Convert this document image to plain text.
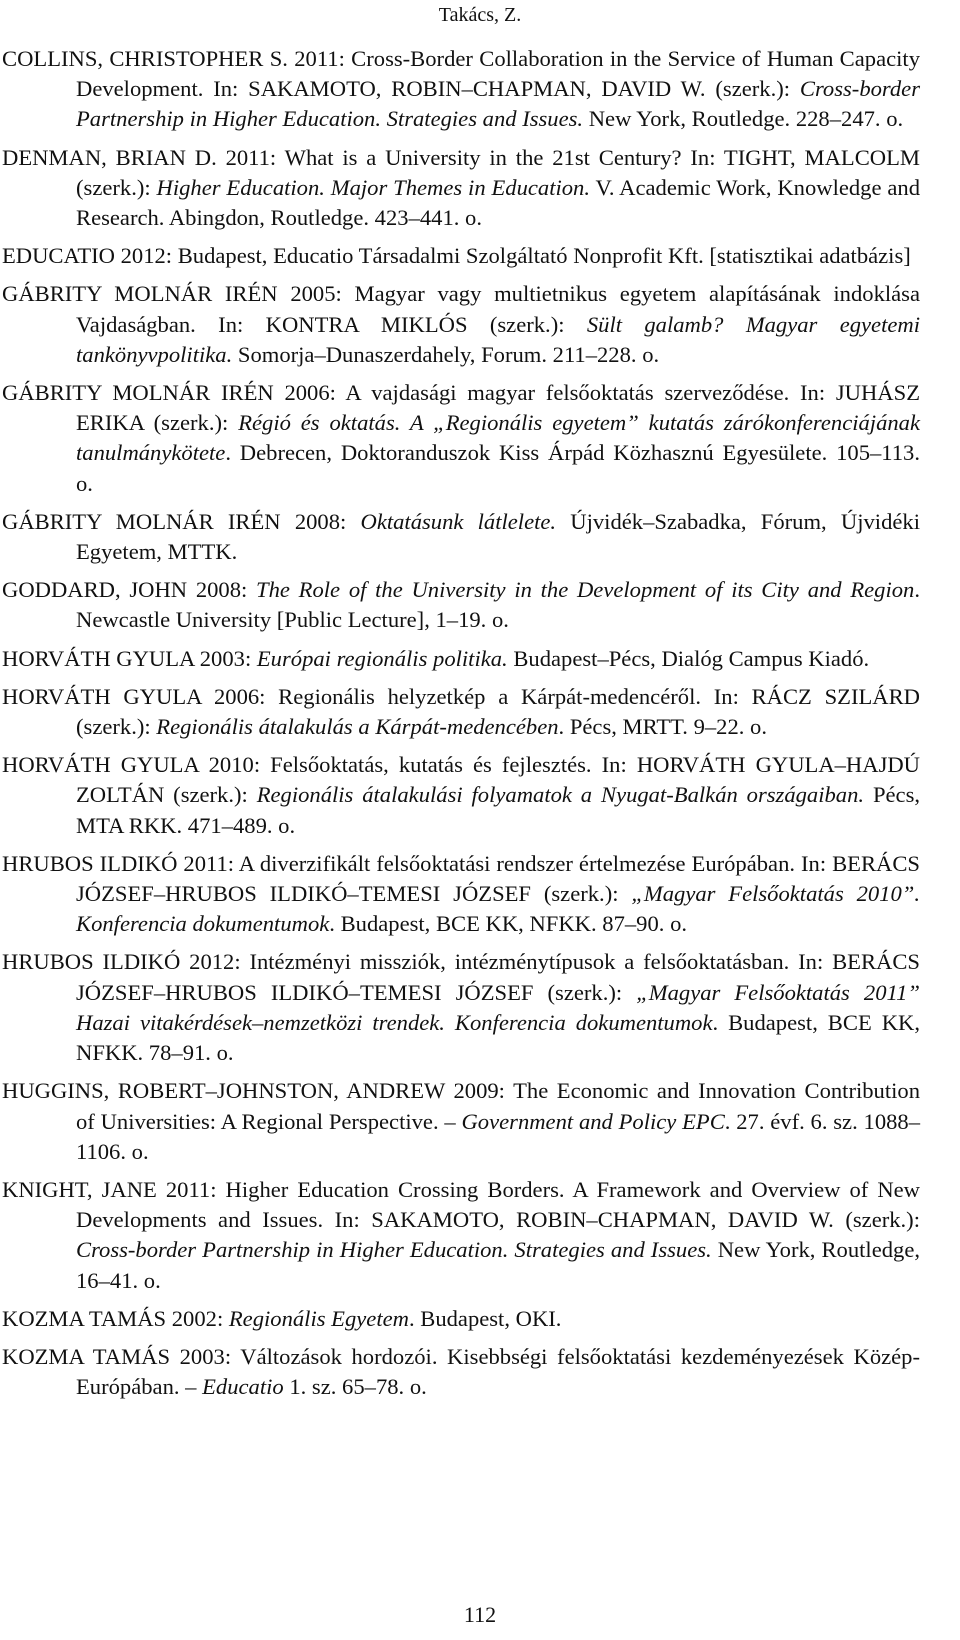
Takács, Z.

COLLINS, CHRISTOPHER S. 2011: Cross-Border Collaboration in the Service of Human Capacity Development. In: SAKAMOTO, ROBIN–CHAPMAN, DAVID W. (szerk.): Cross-border Partnership in Higher Education. Strategies and Issues. New York, Routledge. 228–247. o.

DENMAN, BRIAN D. 2011: What is a University in the 21st Century? In: TIGHT, MALCOLM (szerk.): Higher Education. Major Themes in Education. V. Academic Work, Knowledge and Research. Abingdon, Routledge. 423–441. o.

EDUCATIO 2012: Budapest, Educatio Társadalmi Szolgáltató Nonprofit Kft. [statisztikai adatbázis]

GÁBRITY MOLNÁR IRÉN 2005: Magyar vagy multietnikus egyetem alapításának indoklása Vajdaságban. In: KONTRA MIKLÓS (szerk.): Sült galamb? Magyar egyetemi tankönyvpolitika. Somorja–Dunaszerdahely, Forum. 211–228. o.

GÁBRITY MOLNÁR IRÉN 2006: A vajdasági magyar felsőoktatás szerveződése. In: JUHÁSZ ERIKA (szerk.): Régió és oktatás. A „Regionális egyetem” kutatás zárókonferenciájának tanulmánykötete. Debrecen, Doktoranduszok Kiss Árpád Közhasznú Egyesülete. 105–113. o.

GÁBRITY MOLNÁR IRÉN 2008: Oktatásunk látlelete. Újvidék–Szabadka, Fórum, Újvidéki Egyetem, MTTK.

GODDARD, JOHN 2008: The Role of the University in the Development of its City and Region. Newcastle University [Public Lecture], 1–19. o.

HORVÁTH GYULA 2003: Európai regionális politika. Budapest–Pécs, Dialóg Campus Kiadó.

HORVÁTH GYULA 2006: Regionális helyzetkép a Kárpát-medencéről. In: RÁCZ SZILÁRD (szerk.): Regionális átalakulás a Kárpát-medencében. Pécs, MRTT. 9–22. o.

HORVÁTH GYULA 2010: Felsőoktatás, kutatás és fejlesztés. In: HORVÁTH GYULA–HAJDÚ ZOLTÁN (szerk.): Regionális átalakulási folyamatok a Nyugat-Balkán országaiban. Pécs, MTA RKK. 471–489. o.

HRUBOS ILDIKÓ 2011: A diverzifikált felsőoktatási rendszer értelmezése Európában. In: BERÁCS JÓZSEF–HRUBOS ILDIKÓ–TEMESI JÓZSEF (szerk.): „Magyar Felsőoktatás 2010”. Konferencia dokumentumok. Budapest, BCE KK, NFKK. 87–90. o.

HRUBOS ILDIKÓ 2012: Intézményi missziók, intézménytípusok a felsőoktatásban. In: BERÁCS JÓZSEF–HRUBOS ILDIKÓ–TEMESI JÓZSEF (szerk.): „Magyar Felsőoktatás 2011” Hazai vitakérdések–nemzetközi trendek. Konferencia dokumentumok. Budapest, BCE KK, NFKK. 78–91. o.

HUGGINS, ROBERT–JOHNSTON, ANDREW 2009: The Economic and Innovation Contribution of Universities: A Regional Perspective. – Government and Policy EPC. 27. évf. 6. sz. 1088–1106. o.

KNIGHT, JANE 2011: Higher Education Crossing Borders. A Framework and Overview of New Developments and Issues. In: SAKAMOTO, ROBIN–CHAPMAN, DAVID W. (szerk.): Cross-border Partnership in Higher Education. Strategies and Issues. New York, Routledge, 16–41. o.

KOZMA TAMÁS 2002: Regionális Egyetem. Budapest, OKI.

KOZMA TAMÁS 2003: Változások hordozói. Kisebbségi felsőoktatási kezdeményezések Közép-Európában. – Educatio 1. sz. 65–78. o.

112
